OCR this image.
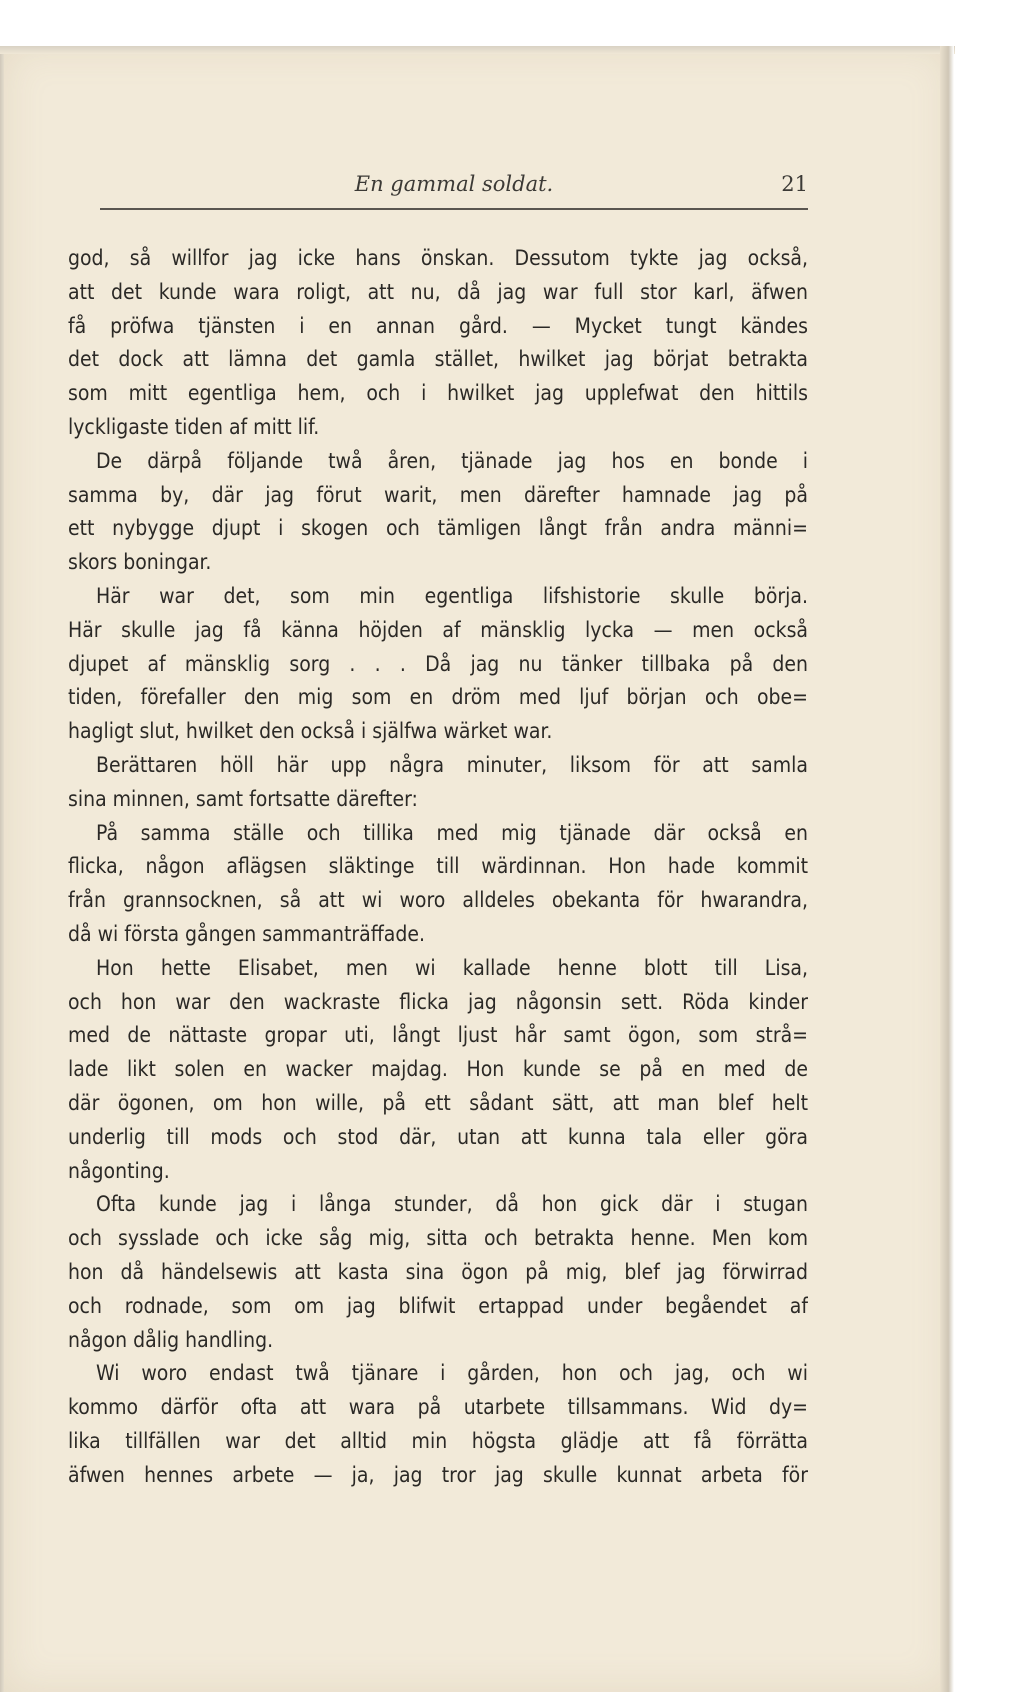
En gammal soldat.	21
god, så willfor jag icke hans önskan. Dessutom tykte jag också,
att det kunde wara roligt, att nu, då jag war full stor karl, äfwen
få pröfwa tjänsten i en annan gård. — Mycket tungt kändes
det dock att lämna det gamla stället, hwilket jag börjat betrakta
som mitt egentliga hem, och i hwilket jag upplefwat den hittils
lyckligaste tiden af mitt lif.
De därpå följande twå åren, tjänade jag hos en bonde i
samma by, där jag förut warit, men därefter hamnade jag på
ett nybygge djupt i skogen och tämligen långt från andra männi=
skors boningar.
Här war det, som min egentliga lifshistorie skulle börja.
Här skulle jag få känna höjden af mänsklig lycka — men också
djupet af mänsklig sorg . . . Då jag nu tänker tillbaka på den
tiden, förefaller den mig som en dröm med ljuf början och obe=
hagligt slut, hwilket den också i själfwa wärket war.
Berättaren höll här upp några minuter, liksom för att samla
sina minnen, samt fortsatte därefter:
På samma ställe och tillika med mig tjänade där också en
flicka, någon aflägsen släktinge till wärdinnan. Hon hade kommit
från grannsocknen, så att wi woro alldeles obekanta för hwarandra,
då wi första gången sammanträffade.
Hon hette Elisabet, men wi kallade henne blott till Lisa,
och hon war den wackraste flicka jag någonsin sett. Röda kinder
med de nättaste gropar uti, långt ljust hår samt ögon, som strå=
lade likt solen en wacker majdag. Hon kunde se på en med de
där ögonen, om hon wille, på ett sådant sätt, att man blef helt
underlig till mods och stod där, utan att kunna tala eller göra
någonting.
Ofta kunde jag i långa stunder, då hon gick där i stugan
och sysslade och icke såg mig, sitta och betrakta henne. Men kom
hon då händelsewis att kasta sina ögon på mig, blef jag förwirrad
och rodnade, som om jag blifwit ertappad under begåendet af
någon dålig handling.
Wi woro endast twå tjänare i gården, hon och jag, och wi
kommo därför ofta att wara på utarbete tillsammans. Wid dy=
lika tillfällen war det alltid min högsta glädje att få förrätta
äfwen hennes arbete — ja, jag tror jag skulle kunnat arbeta för
